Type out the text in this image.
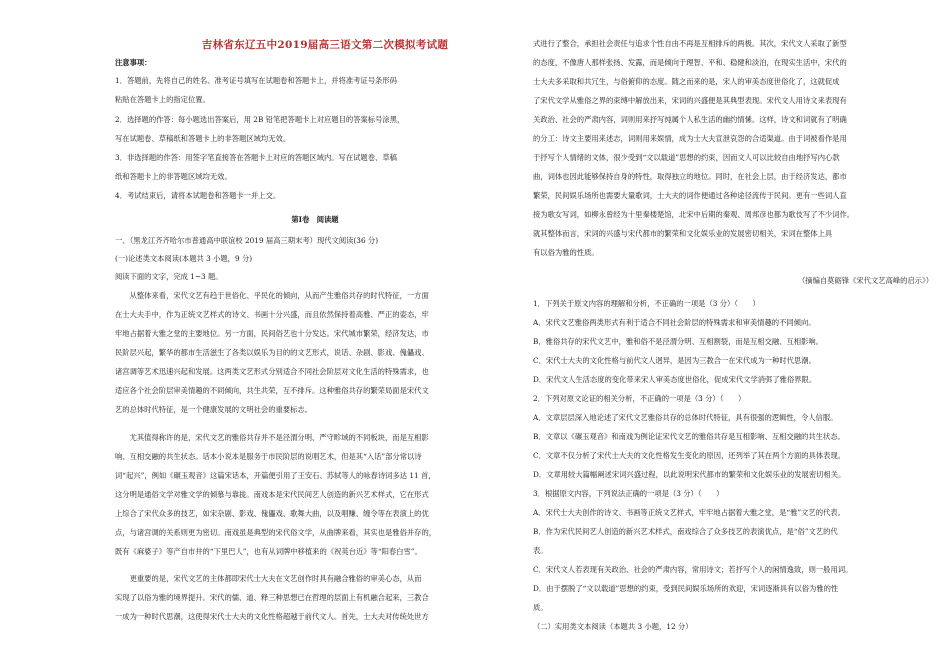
吉林省东辽五中2019届高三语文第二次模拟考试题
注意事项：
1．答题前，先将自己的姓名、准考证号填写在试题卷和答题卡上，并将准考证号条形码
粘贴在答题卡上的指定位置。
2．选择题的作答：每小题选出答案后，用 2B 铅笔把答题卡上对应题目的答案标号涂黑，
写在试题卷、草稿纸和答题卡上的非答题区域均无效。
3．非选择题的作答：用签字笔直接答在答题卡上对应的答题区域内。写在试题卷、草稿
纸和答题卡上的非答题区域均无效。
4．考试结束后，请将本试题卷和答题卡一并上交。
第Ⅰ卷　阅读题
一、（黑龙江齐齐哈尔市普通高中联谊校 2019 届高三期末考）现代文阅读(36 分)
(一)论述类文本阅读(本题共 3 小题，9 分)
阅读下面的文字，完成 1~3 题。
　　从整体来看，宋代文艺有趋于世俗化、平民化的倾向，从而产生雅俗共存的时代特征，一方面
在士大夫手中，作为正统文艺样式的诗文、书画十分兴盛，而且依然保持着高雅、严正的姿态，牢
牢地占据着大雅之堂的主要地位。另一方面，民间俗艺也十分发达。宋代城市繁荣，经济发达，市
民阶层兴起，繁华的都市生活滋生了各类以娱乐为目的的文艺形式，说话、杂剧、影戏、傀儡戏、
诸宫调等艺术迅速兴起和发展。这两类文艺形式分别适合不同社会阶层对文化生活的特殊需求，也
适应各个社会阶层审美情趣的不同倾向，共生共荣，互不排斥。这种雅俗共存的繁荣局面是宋代文
艺的总体时代特征，是一个健康发展的文明社会的重要标志。
　　尤其值得称许的是，宋代文艺的雅俗共存并不是泾渭分明、严守畛域的不同板块，而是互相影
响、互相交融的共生状态。话本小说本是服务于市民阶层的说唱艺术，但是其“入话”部分常以诗
词“起兴”，例如《碾玉观音》这篇宋话本，开篇便引用了王安石、苏轼等人的咏春诗词多达 11 首，
这分明是通俗文学对雅文学的倾慕与靠拢。南戏本是宋代民间艺人创造的新兴艺术样式，它在形式
上综合了宋代众多的技艺，如宋杂剧、影戏、傀儡戏、歌舞大曲，以及唱赚、缠令等在表演上的优
点，与诸宫调的关系则更为密切。南戏虽是典型的宋代俗文学，从曲牌来看，其实也是雅俗并存的，
既有《麻婆子》等产自市井的“下里巴人”，也有从词牌中移植来的《祝英台近》等“阳春白雪”。
　　更重要的是，宋代文艺的主体都即宋代士大夫在文艺创作时具有融合雅俗的审美心态，从而
实现了以俗为雅的境界提升。宋代的儒、道、释三种思想已在哲理的层面上有机融合起来，三教合
一成为一种时代思潮，这使得宋代士大夫的文化性格超越于前代文人。首先，士大夫对传统处世方
式进行了整合，承担社会责任与追求个性自由不再是互相排斥的两极。其次，宋代文人采取了新型
的态度，不像唐人那样张扬、发露，而是倾向于理智、平和、稳健和淡泊，在现实生活中，宋代的
士大夫多采取和共冗生，与俗俯仰的态度。随之而来的是，宋人的审美态度世俗化了，这就促成
了宋代文学从雅俗之界的束缚中解放出来，宋词的兴盛便是其典型表现。宋代文人用诗文来表现有
关政治、社会的严肃内容，词则用来抒写纯属个人私生活的幽约情愫。这样，诗文和词就有了明确
的分工：诗文主要用来述志，词则用来娱情，成为士大夫宣泄哀怨的合适渠道。由于词被看作是用
于抒写个人情绪的文体，很少受到“文以载道”思想的约束，因而文人可以比较自由地抒写内心款
曲，词体也因此能够保持自身的特性，取得独立的地位。同时，在社会上层，由于经济发达，都市
繁荣，民间娱乐场所也需要大量歌词，士大夫的词作便通过各种途径流传于民间。更有一些词人直
接为歌女写词，如柳永曾经为十里秦楼楚馆，北宋中后期的秦观、周邦彦也都为歌伎写了不少词作。
就其整体而言，宋词的兴盛与宋代都市的繁荣和文化娱乐业的发展密切相关，宋词在整体上具
有以俗为雅的性质。
（摘编自莫砺锋《宋代文艺高峰的启示》）
1．下列关于原文内容的理解和分析，不正确的一项是（3 分）（　　）
A．宋代文艺雅俗两类形式有利于适合不同社会阶层的特殊需求和审美情趣的不同倾向。
B．雅俗共存的宋代文艺中，雅和俗不是泾渭分明、互相割裂，而是互相交融、互相影响。
C．宋代士大夫的文化性格与前代文人迥异，是因为三教合一在宋代成为一种时代思潮。
D．宋代文人生活态度的变化带来宋人审美态度世俗化，促成宋代文学消弭了雅俗界限。
2．下列对原文论证的相关分析，不正确的一项是（3 分）（　　）
A．文章层层深入地论述了宋代文艺雅俗共存的总体时代特征，具有很强的逻辑性，令人信服。
B．文章以《碾玉观音》和南戏为例论证宋代文艺的雅俗共存是互相影响、互相交融的共生状态。
C．文章不仅分析了宋代士大夫的文化性格发生变化的原因，还列举了其在两个方面的具体表现。
D．文章用较大篇幅阐述宋词兴盛过程，以此说明宋代都市的繁荣和文化娱乐业的发展密切相关。
3．根据原文内容，下列说法正确的一项是（3 分）（　　）
A．宋代士大夫创作的诗文、书画等正统文艺样式，牢牢地占据着大雅之堂，是“雅”文艺的代表。
B．作为宋代民间艺人创造的新兴艺术样式，南戏综合了众多技艺的表演优点，是“俗”文艺的代
表。
C．宋代文人若表现有关政治、社会的严肃内容，常用诗文；若抒写个人的闲情逸致，则一般用词。
D．由于摆脱了“文以载道”思想的约束，受到民间娱乐场所的欢迎，宋词逐渐具有以俗为雅的性
质。
（二）实用类文本阅读（本题共 3 小题，12 分）
